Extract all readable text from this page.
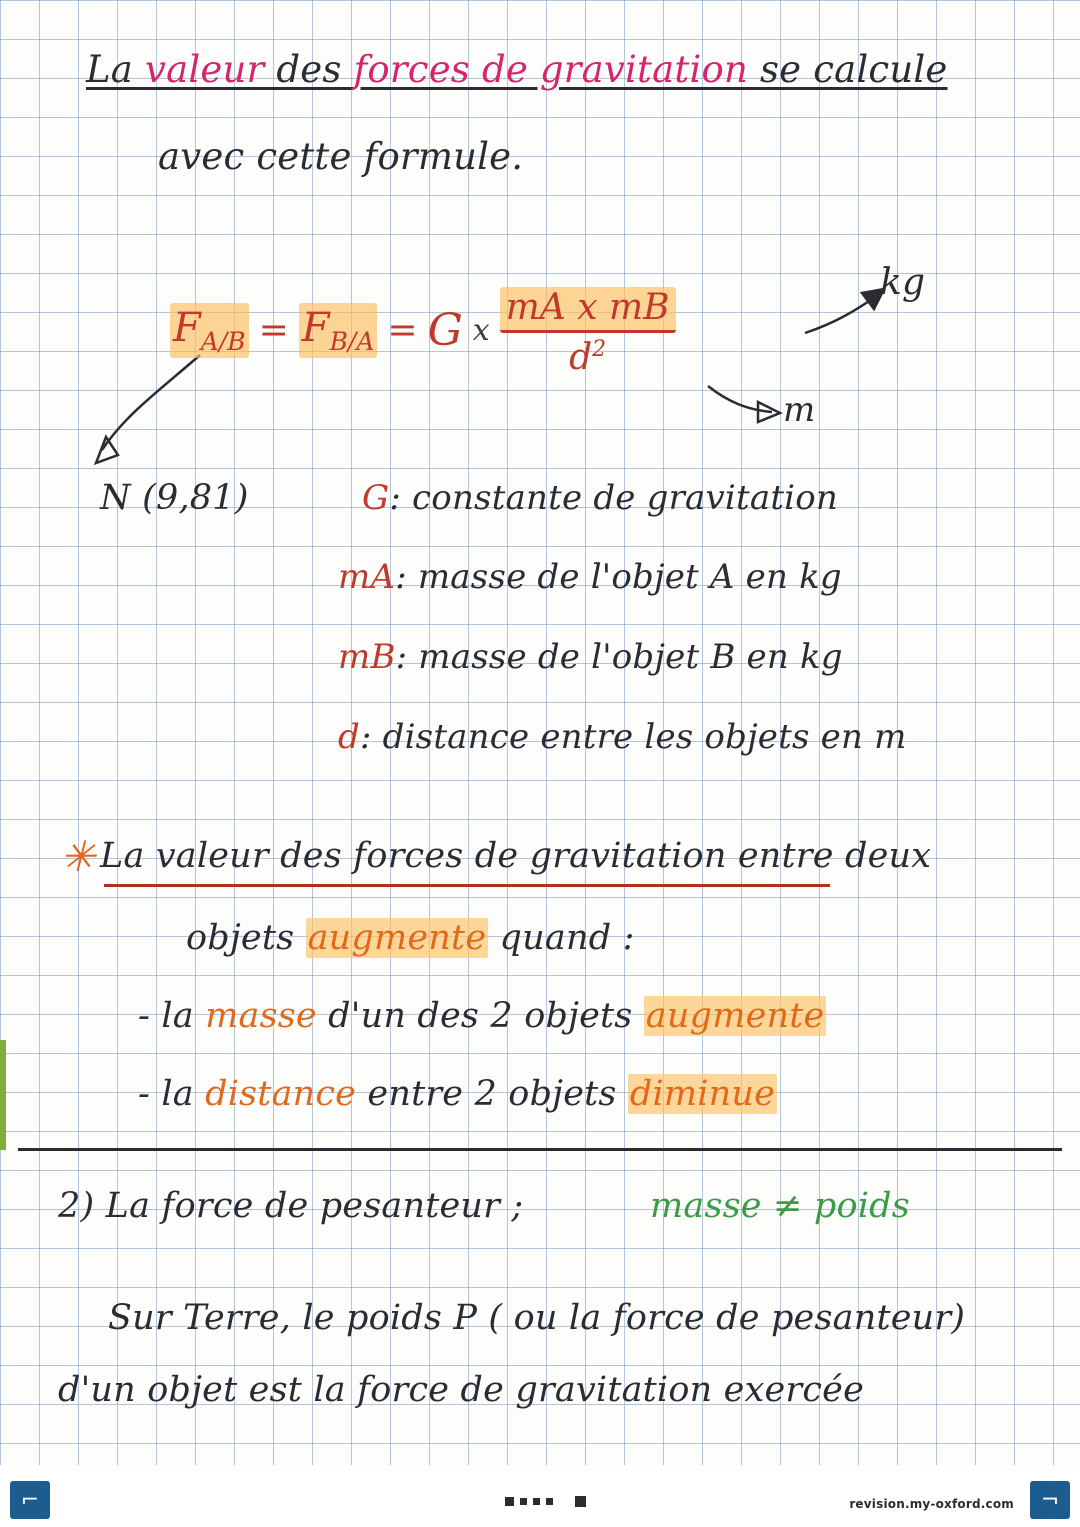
La valeur des forces de gravitation se calcule
avec cette formule.
$F_{A/B} = F_{B/A} = G$ x $\frac{\text{mA x mB}}{d^2}$
kg
m
N (9,81)	G: constante de gravitation
mA: masse de l'objet A en kg
mB: masse de l'objet B en kg
d: distance entre les objets en m
✳ La valeur des forces de gravitation entre deux
objets augmente quand :
- la masse d'un des 2 objets augmente
- la distance entre 2 objets diminue
2) La force de pesanteur ;	masse ≠ poids
Sur Terre, le poids P ( ou la force de pesanteur)
d'un objet est la force de gravitation exercée
⌐	revision.my-oxford.com	¬
